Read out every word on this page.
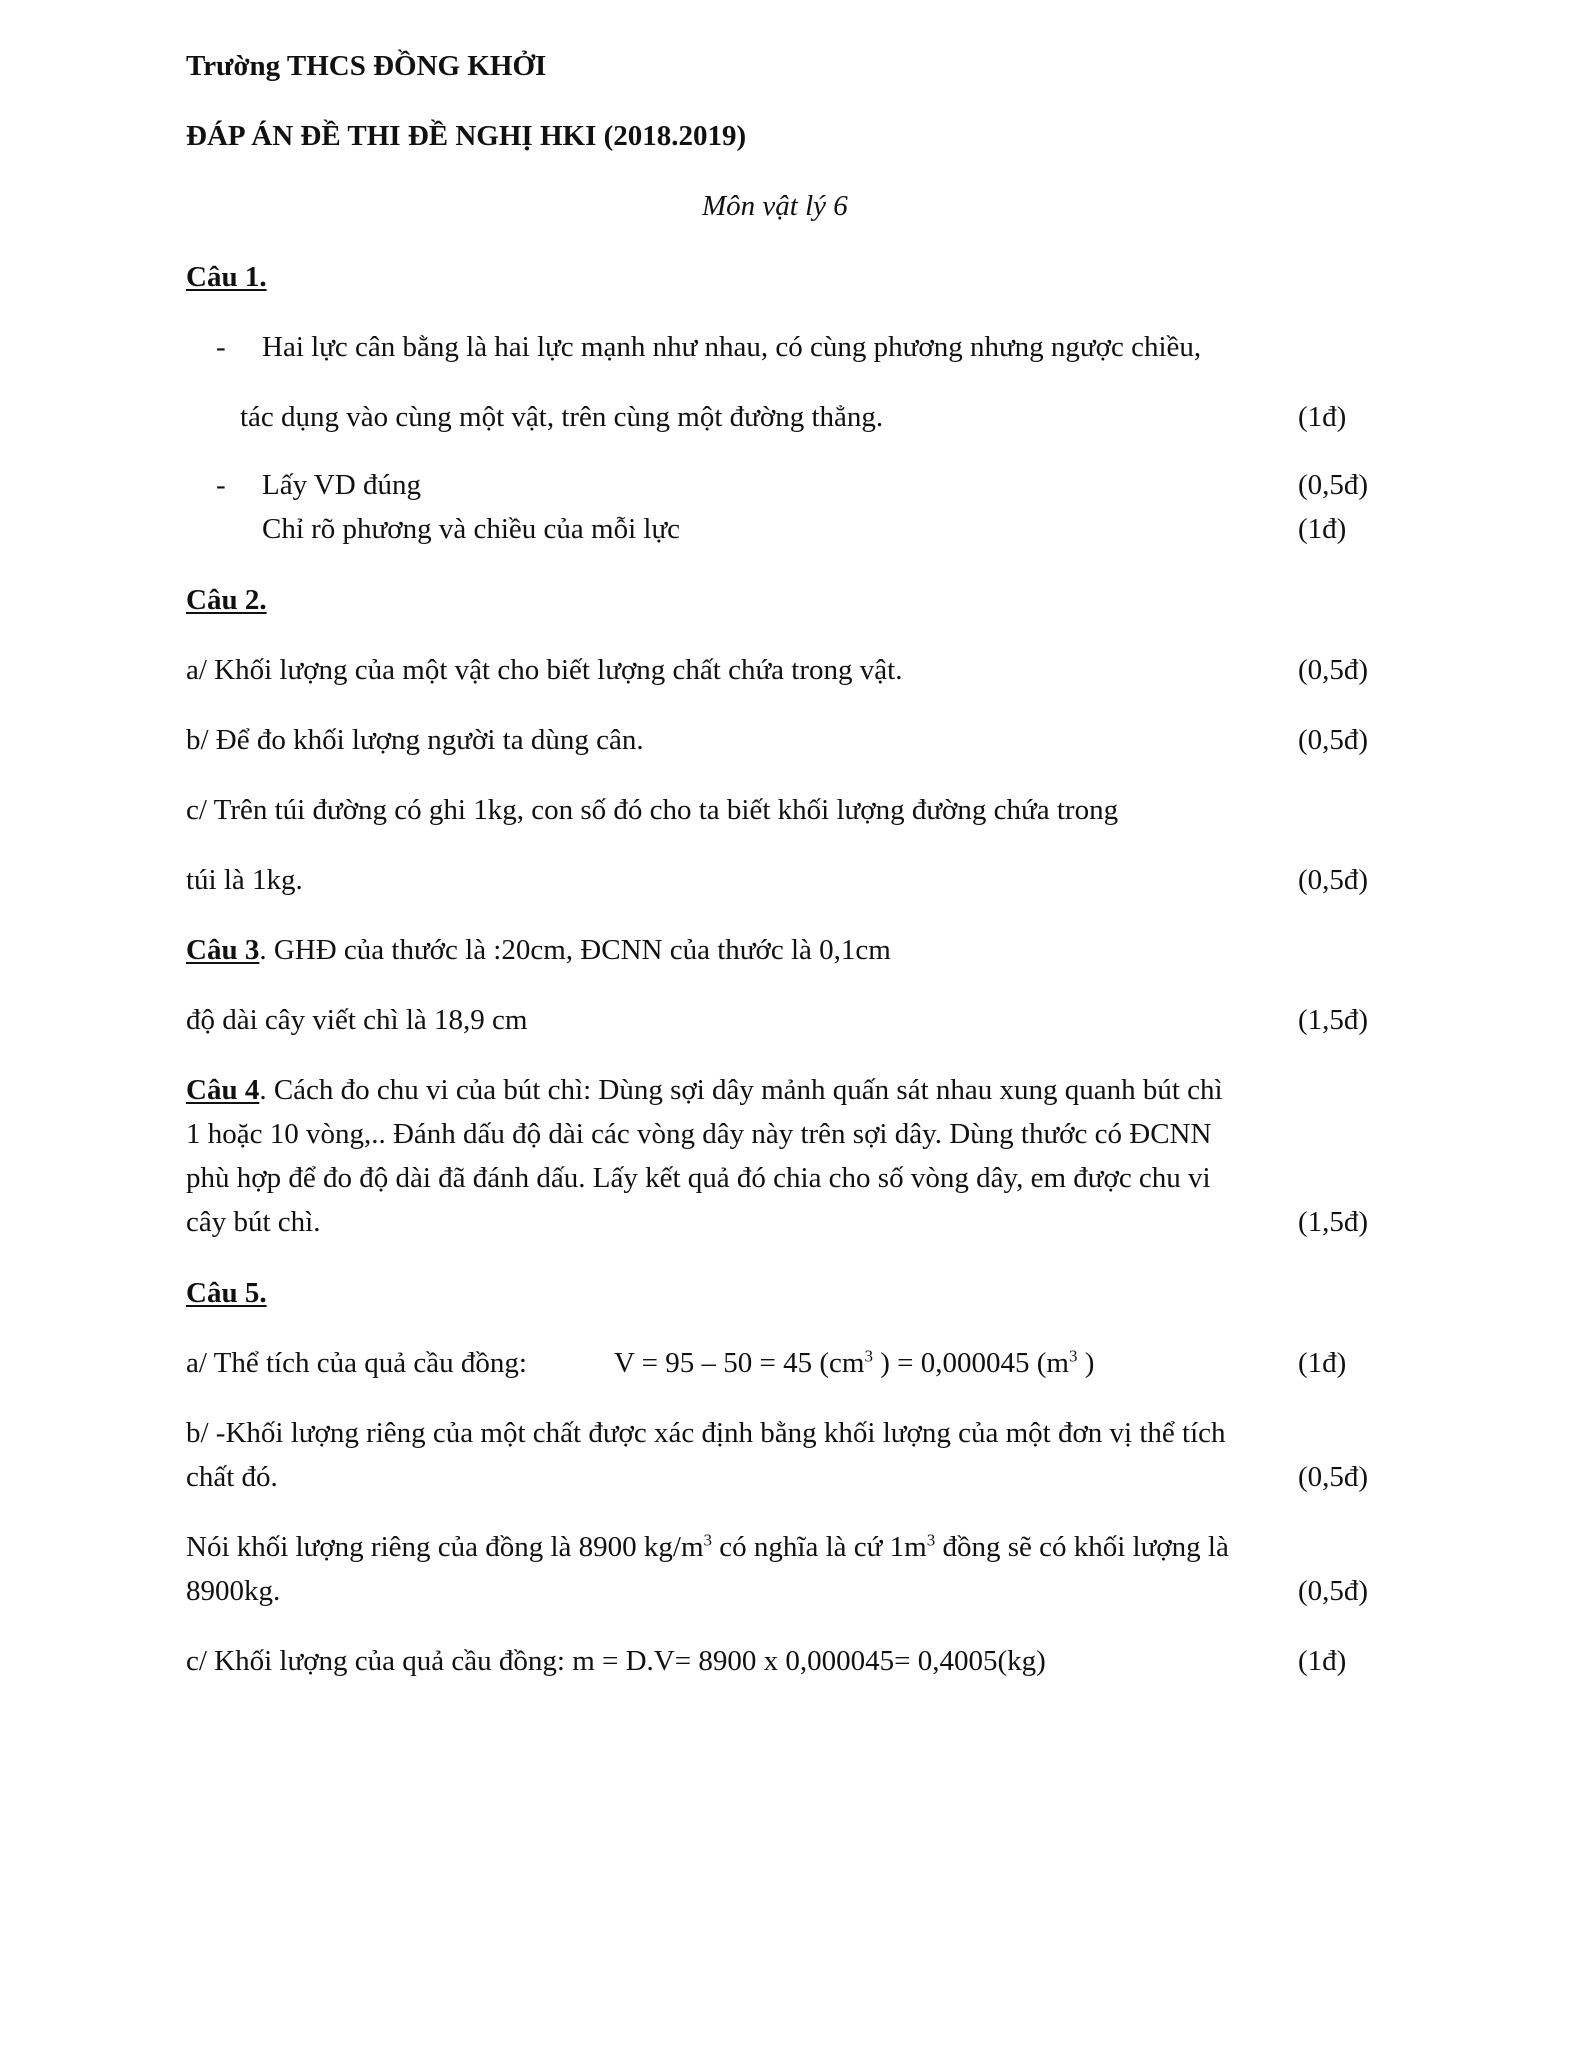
Trường THCS ĐỒNG KHỞI
ĐÁP ÁN ĐỀ THI ĐỀ NGHỊ HKI (2018.2019)
Môn vật lý 6
Câu 1.
- Hai lực cân bằng là hai lực mạnh như nhau, có cùng phương nhưng ngược chiều,
tác dụng vào cùng một vật, trên cùng một đường thẳng.	(1đ)
- Lấy VD đúng	(0,5đ)
Chỉ rõ phương và chiều của mỗi lực	(1đ)
Câu 2.
a/ Khối lượng của một vật cho biết lượng chất chứa trong vật.	(0,5đ)
b/ Để đo khối lượng người ta dùng cân.	(0,5đ)
c/ Trên túi đường có ghi 1kg, con số đó cho ta biết khối lượng đường chứa trong
túi là 1kg.	(0,5đ)
Câu 3. GHĐ của thước là :20cm, ĐCNN của thước là 0,1cm
độ dài cây viết chì là 18,9 cm	(1,5đ)
Câu 4. Cách đo chu vi của bút chì: Dùng sợi dây mảnh quấn sát nhau xung quanh bút chì
1 hoặc 10 vòng,.. Đánh dấu độ dài các vòng dây này trên sợi dây. Dùng thước có ĐCNN
phù hợp để đo độ dài đã đánh dấu. Lấy kết quả đó chia cho số vòng dây, em được chu vi
cây bút chì.	(1,5đ)
Câu 5.
a/ Thể tích của quả cầu đồng:	V = 95 – 50 = 45 ($cm^3$ ) = 0,000045 ($m^3$ )	(1đ)
b/ -Khối lượng riêng của một chất được xác định bằng khối lượng của một đơn vị thể tích
chất đó.	(0,5đ)
Nói khối lượng riêng của đồng là 8900 $kg/m^3$ có nghĩa là cứ $1m^3$ đồng sẽ có khối lượng là
8900kg.	(0,5đ)
c/ Khối lượng của quả cầu đồng: m = D.V= 8900 x 0,000045= 0,4005(kg)	(1đ)
